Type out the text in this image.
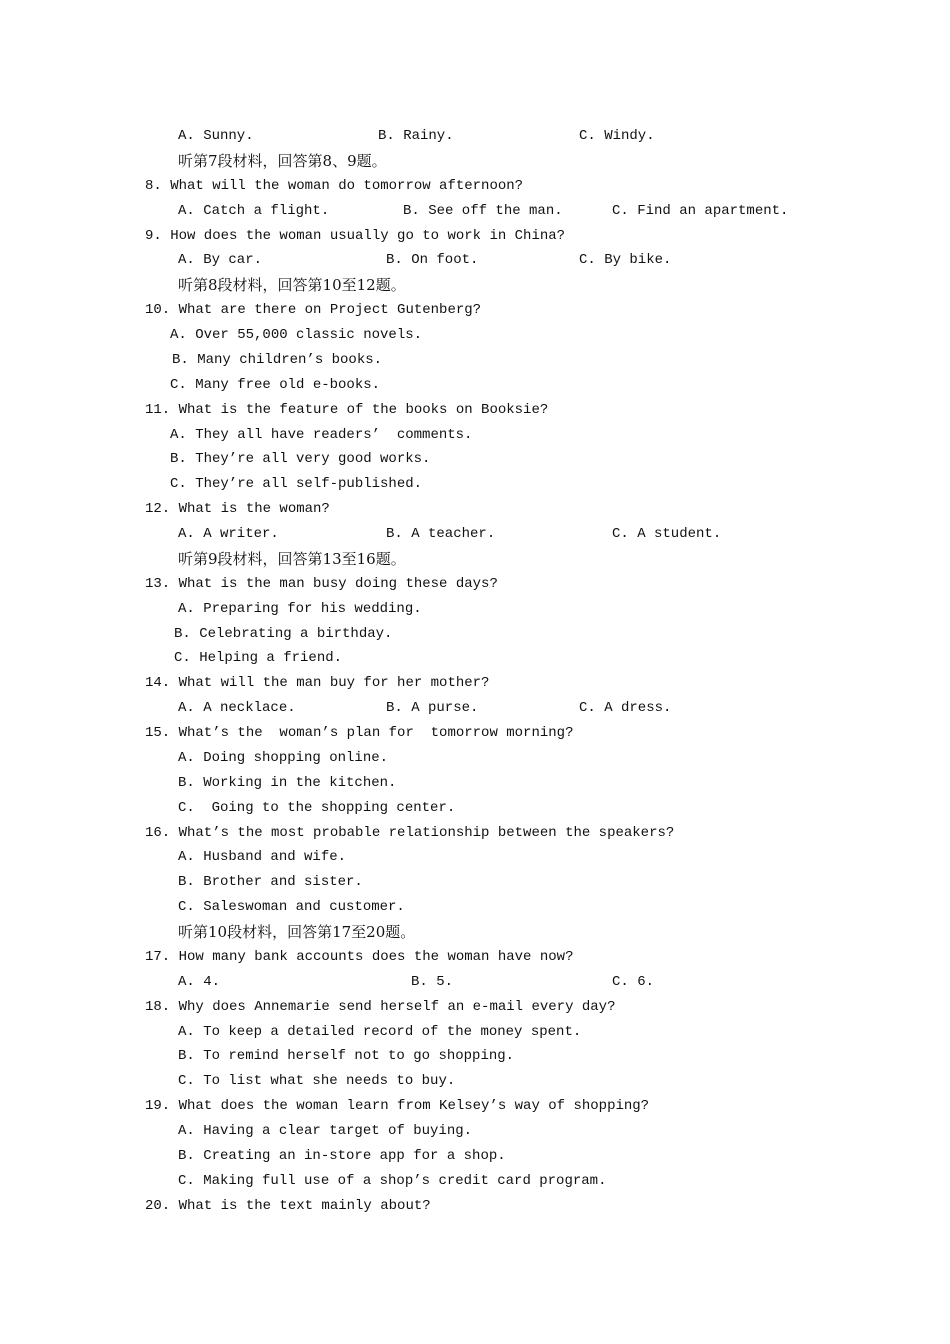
A. Sunny.

	B. Rainy.

	C. Windy.

听第7段材料，回答第8、9题。

8. What will the woman do tomorrow afternoon?

A. Catch a flight.

	B. See off the man.

	C. Find an apartment.

9. How does the woman usually go to work in China?

A. By car.

	B. On foot.

	C. By bike.

听第8段材料，回答第10至12题。

10. What are there on Project Gutenberg?

A. Over 55,000 classic novels.

B. Many children’s books.

C. Many free old e-books.

11. What is the feature of the books on Booksie?

A. They all have readers’  comments.

B. They’re all very good works.

C. They’re all self-published.

12. What is the woman?

A. A writer.

	B. A teacher.

	C. A student.

听第9段材料，回答第13至16题。

13. What is the man busy doing these days?

A. Preparing for his wedding.

B. Celebrating a birthday.

C. Helping a friend.

14. What will the man buy for her mother?

A. A necklace.

	B. A purse.

	C. A dress.

15. What’s the  woman’s plan for  tomorrow morning?

A. Doing shopping online.

B. Working in the kitchen.

C.  Going to the shopping center.

16. What’s the most probable relationship between the speakers?

A. Husband and wife.

B. Brother and sister.

C. Saleswoman and customer.

听第10段材料，回答第17至20题。

17. How many bank accounts does the woman have now?

A. 4.

	B. 5.

	C. 6.

18. Why does Annemarie send herself an e-mail every day?

A. To keep a detailed record of the money spent.

B. To remind herself not to go shopping.

C. To list what she needs to buy.

19. What does the woman learn from Kelsey’s way of shopping?

A. Having a clear target of buying.

B. Creating an in-store app for a shop.

C. Making full use of a shop’s credit card program.

20. What is the text mainly about?
